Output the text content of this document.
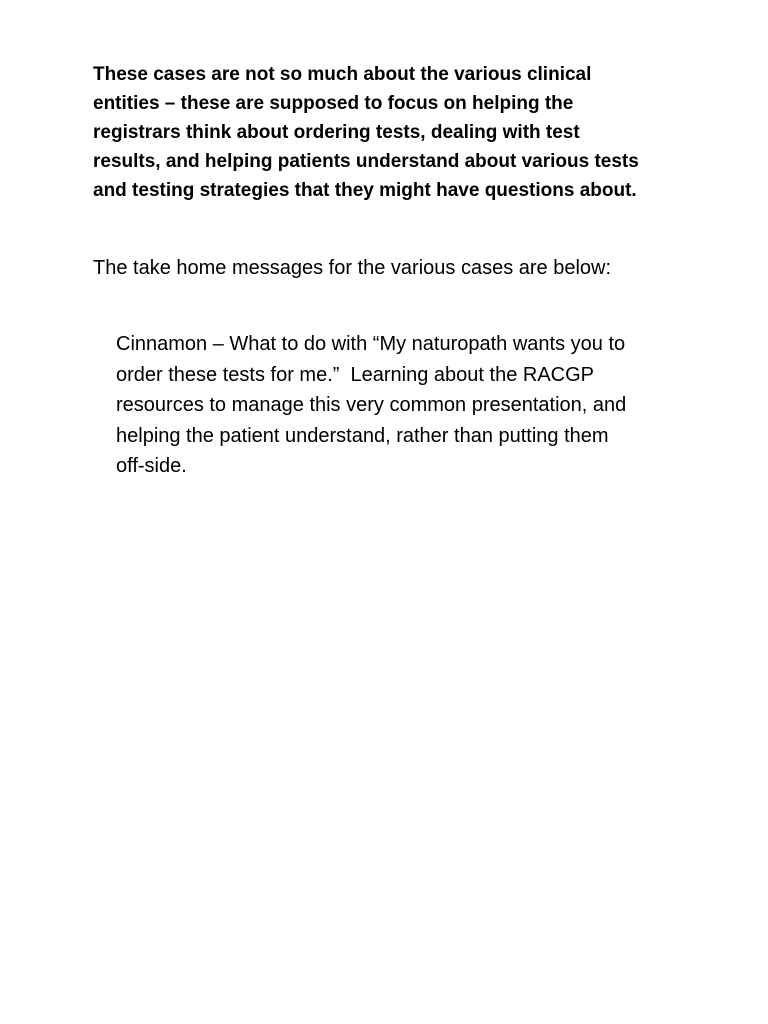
These cases are not so much about the various clinical
entities – these are supposed to focus on helping the
registrars think about ordering tests, dealing with test
results, and helping patients understand about various tests
and testing strategies that they might have questions about.

The take home messages for the various cases are below:

Cinnamon – What to do with “My naturopath wants you to
order these tests for me.”  Learning about the RACGP
resources to manage this very common presentation, and
helping the patient understand, rather than putting them
off-side.
